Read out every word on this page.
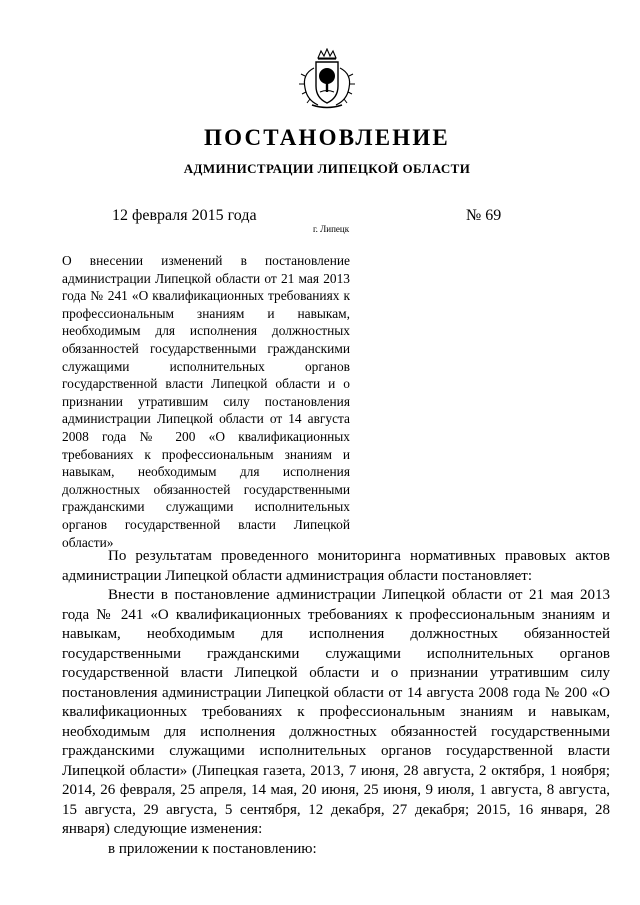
ПОСТАНОВЛЕНИЕ
АДМИНИСТРАЦИИ ЛИПЕЦКОЙ ОБЛАСТИ
12 февраля 2015 года
г. Липецк
№ 69

О внесении изменений в постановление администрации Липецкой области от 21 мая 2013 года № 241 «О квалификационных требованиях к профессиональным знаниям и навыкам, необходимым для исполнения должностных обязанностей государственными гражданскими служащими исполнительных органов государственной власти Липецкой области и о признании утратившим силу постановления администрации Липецкой области от 14 августа 2008 года № 200 «О квалификационных требованиях к профессиональным знаниям и навыкам, необходимым для исполнения должностных обязанностей государственными гражданскими служащими исполнительных органов государственной власти Липецкой области»

По результатам проведенного мониторинга нормативных правовых актов администрации Липецкой области администрация области постановляет:

Внести в постановление администрации Липецкой области от 21 мая 2013 года № 241 «О квалификационных требованиях к профессиональным знаниям и навыкам, необходимым для исполнения должностных обязанностей государственными гражданскими служащими исполнительных органов государственной власти Липецкой области и о признании утратившим силу постановления администрации Липецкой области от 14 августа 2008 года № 200 «О квалификационных требованиях к профессиональным знаниям и навыкам, необходимым для исполнения должностных обязанностей государственными гражданскими служащими исполнительных органов государственной власти Липецкой области» (Липецкая газета, 2013, 7 июня, 28 августа, 2 октября, 1 ноября; 2014, 26 февраля, 25 апреля, 14 мая, 20 июня, 25 июня, 9 июля, 1 августа, 8 августа, 15 августа, 29 августа, 5 сентября, 12 декабря, 27 декабря; 2015, 16 января, 28 января) следующие изменения:

в приложении к постановлению:
